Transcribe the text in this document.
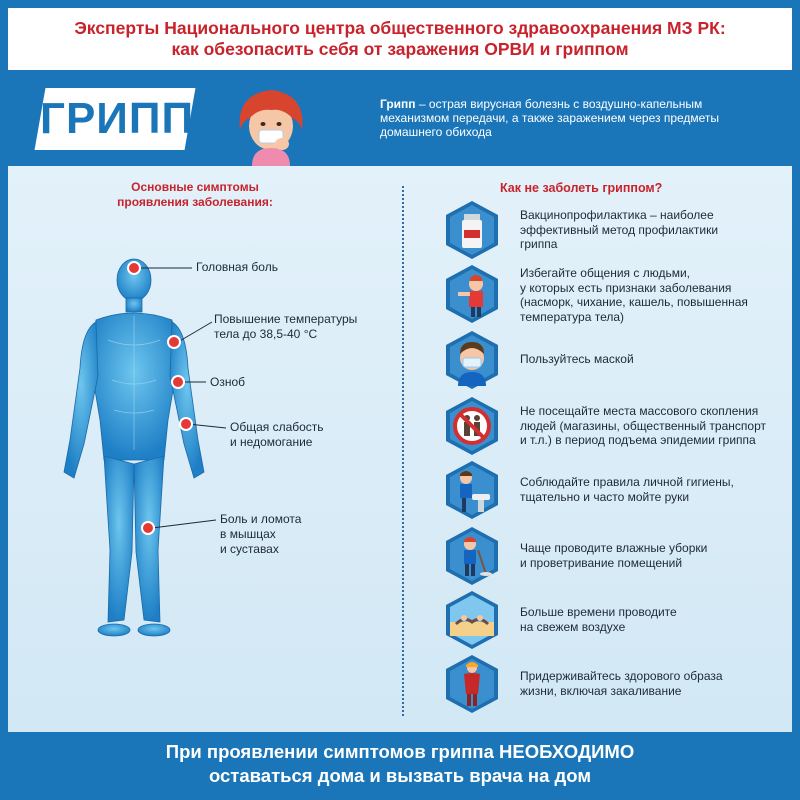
Эксперты Национального центра общественного здравоохранения МЗ РК:
как обезопасить себя от заражения ОРВИ и гриппом
ГРИПП	Грипп – острая вирусная болезнь с воздушно-капельным механизмом передачи, а также заражением через предметы домашнего обихода
Основные симптомы
проявления заболевания:
Головная боль
Повышение температуры
тела до 38,5-40 °С
Озноб
Общая слабость
и недомогание
Боль и ломота
в мышцах
и суставах
Как не заболеть гриппом?
Вакцинопрофилактика – наиболее
эффективный метод профилактики
гриппа
Избегайте общения с людьми,
у которых есть признаки заболевания
(насморк, чихание, кашель, повышенная
температура тела)
Пользуйтесь маской
Не посещайте места массового скопления
людей (магазины, общественный транспорт
и т.л.) в период подъема эпидемии гриппа
Соблюдайте правила личной гигиены,
тщательно и часто мойте руки
Чаще проводите влажные уборки
и проветривание помещений
Больше времени проводите
на свежем воздухе
Придерживайтесь здорового образа
жизни, включая закаливание
При проявлении симптомов гриппа НЕОБХОДИМО
оставаться дома и вызвать врача на дом
